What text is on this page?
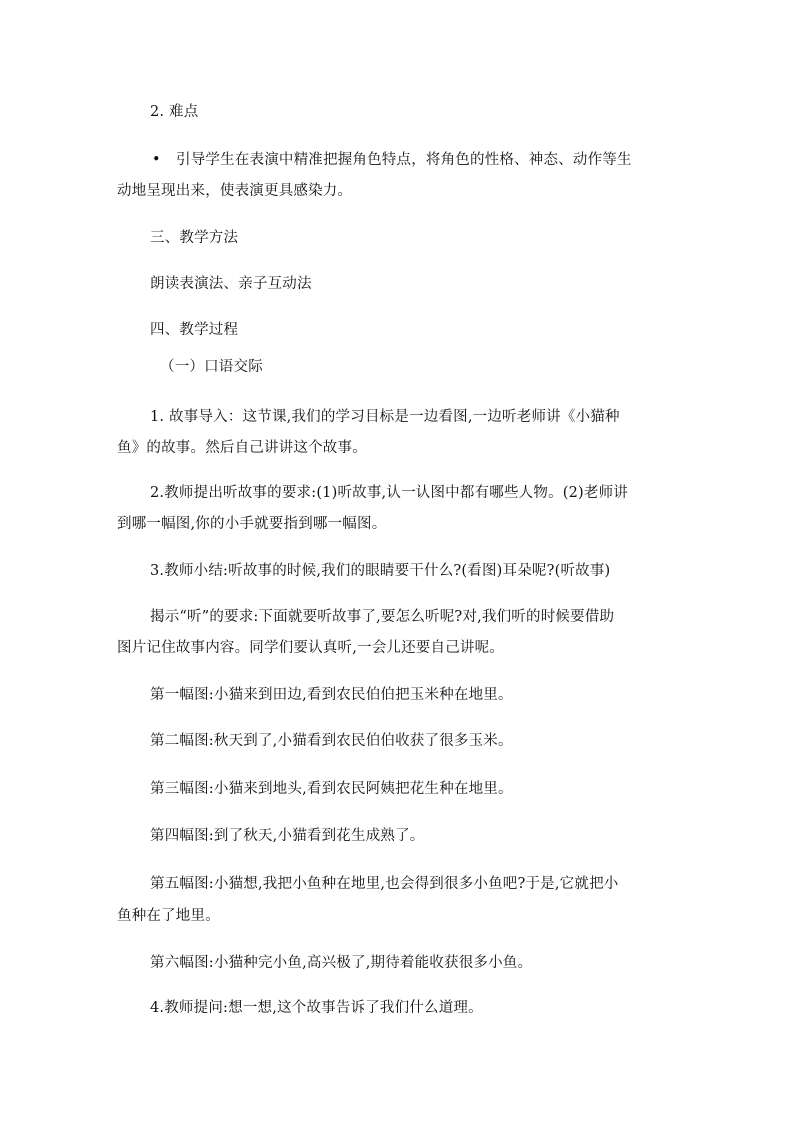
2. 难点
•	引导学生在表演中精准把握角色特点，将角色的性格、神态、动作等生
动地呈现出来，使表演更具感染力。
三、教学方法
朗读表演法、亲子互动法
四、教学过程
（一）口语交际
1. 故事导入：这节课,我们的学习目标是一边看图,一边听老师讲《小猫种
鱼》的故事。然后自己讲讲这个故事。
2.教师提出听故事的要求:(1)听故事,认一认图中都有哪些人物。(2)老师讲
到哪一幅图,你的小手就要指到哪一幅图。
3.教师小结:听故事的时候,我们的眼睛要干什么?(看图)耳朵呢?(听故事)
揭示“听”的要求:下面就要听故事了,要怎么听呢?对,我们听的时候要借助
图片记住故事内容。同学们要认真听,一会儿还要自己讲呢。
第一幅图:小猫来到田边,看到农民伯伯把玉米种在地里。
第二幅图:秋天到了,小猫看到农民伯伯收获了很多玉米。
第三幅图:小猫来到地头,看到农民阿姨把花生种在地里。
第四幅图:到了秋天,小猫看到花生成熟了。
第五幅图:小猫想,我把小鱼种在地里,也会得到很多小鱼吧?于是,它就把小
鱼种在了地里。
第六幅图:小猫种完小鱼,高兴极了,期待着能收获很多小鱼。
4.教师提问:想一想,这个故事告诉了我们什么道理。
